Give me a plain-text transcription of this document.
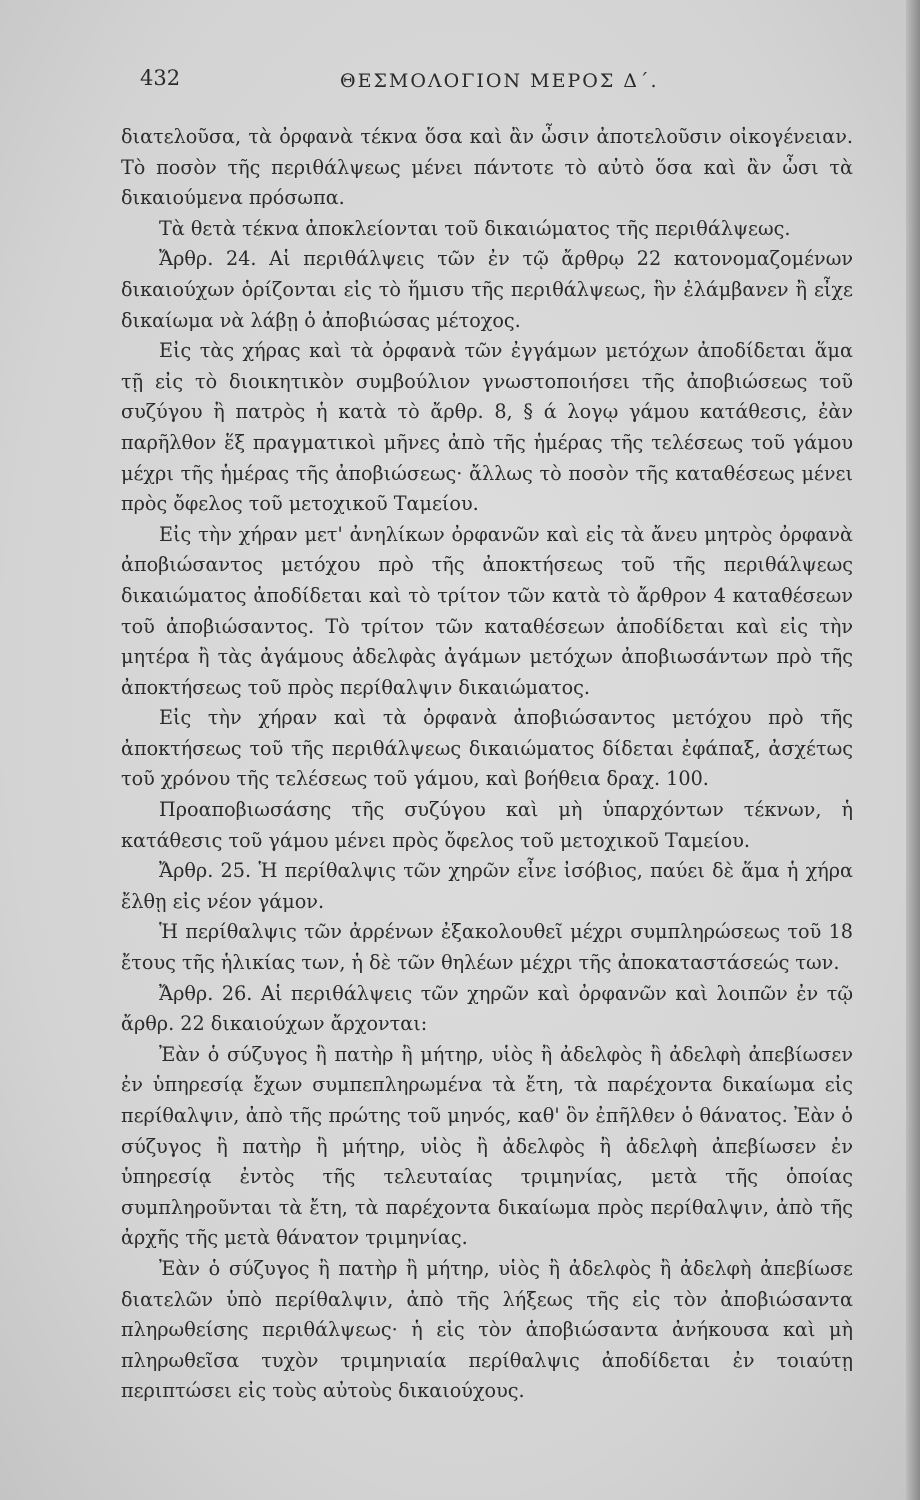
432	ΘΕΣΜΟΛΟΓΙΟΝ ΜΕΡΟΣ Δ΄.

διατελοῦσα, τὰ ὀρφανὰ τέκνα ὅσα καὶ ἂν ὦσιν ἀποτελοῦσιν οἰκογένειαν. Τὸ ποσὸν τῆς περιθάλψεως μένει πάντοτε τὸ αὐτὸ ὅσα καὶ ἂν ὦσι τὰ δικαιούμενα πρόσωπα.

Τὰ θετὰ τέκνα ἀποκλείονται τοῦ δικαιώματος τῆς περιθάλψεως.

Ἄρθρ. 24. Αἱ περιθάλψεις τῶν ἐν τῷ ἄρθρῳ 22 κατονομαζομένων δικαιούχων ὁρίζονται εἰς τὸ ἥμισυ τῆς περιθάλψεως, ἣν ἐλάμβανεν ἢ εἶχε δικαίωμα νὰ λάβῃ ὁ ἀποβιώσας μέτοχος.

Εἰς τὰς χήρας καὶ τὰ ὀρφανὰ τῶν ἐγγάμων μετόχων ἀποδίδεται ἅμα τῇ εἰς τὸ διοικητικὸν συμβούλιον γνωστοποιήσει τῆς ἀποβιώσεως τοῦ συζύγου ἢ πατρὸς ἡ κατὰ τὸ ἄρθρ. 8, § ά λογῳ γάμου κατάθεσις, ἐὰν παρῆλθον ἕξ πραγματικοὶ μῆνες ἀπὸ τῆς ἡμέρας τῆς τελέσεως τοῦ γάμου μέχρι τῆς ἡμέρας τῆς ἀποβιώσεως· ἄλλως τὸ ποσὸν τῆς καταθέσεως μένει πρὸς ὄφελος τοῦ μετοχικοῦ Ταμείου.

Εἰς τὴν χήραν μετ' ἀνηλίκων ὀρφανῶν καὶ εἰς τὰ ἄνευ μητρὸς ὀρφανὰ ἀποβιώσαντος μετόχου πρὸ τῆς ἀποκτήσεως τοῦ τῆς περιθάλψεως δικαιώματος ἀποδίδεται καὶ τὸ τρίτον τῶν κατὰ τὸ ἄρθρον 4 καταθέσεων τοῦ ἀποβιώσαντος. Τὸ τρίτον τῶν καταθέσεων ἀποδίδεται καὶ εἰς τὴν μητέρα ἢ τὰς ἀγάμους ἀδελφὰς ἀγάμων μετόχων ἀποβιωσάντων πρὸ τῆς ἀποκτήσεως τοῦ πρὸς περίθαλψιν δικαιώματος.

Εἰς τὴν χήραν καὶ τὰ ὀρφανὰ ἀποβιώσαντος μετόχου πρὸ τῆς ἀποκτήσεως τοῦ τῆς περιθάλψεως δικαιώματος δίδεται ἐφάπαξ, ἀσχέτως τοῦ χρόνου τῆς τελέσεως τοῦ γάμου, καὶ βοήθεια δραχ. 100.

Προαποβιωσάσης τῆς συζύγου καὶ μὴ ὑπαρχόντων τέκνων, ἡ κατάθεσις τοῦ γάμου μένει πρὸς ὄφελος τοῦ μετοχικοῦ Ταμείου.

Ἄρθρ. 25. Ἡ περίθαλψις τῶν χηρῶν εἶνε ἰσόβιος, παύει δὲ ἅμα ἡ χήρα ἔλθῃ εἰς νέον γάμον.

Ἡ περίθαλψις τῶν ἀρρένων ἐξακολουθεῖ μέχρι συμπληρώσεως τοῦ 18 ἔτους τῆς ἡλικίας των, ἡ δὲ τῶν θηλέων μέχρι τῆς ἀποκαταστάσεώς των.

Ἄρθρ. 26. Αἱ περιθάλψεις τῶν χηρῶν καὶ ὀρφανῶν καὶ λοιπῶν ἐν τῷ ἄρθρ. 22 δικαιούχων ἄρχονται:

Ἐὰν ὁ σύζυγος ἢ πατὴρ ἢ μήτηρ, υἱὸς ἢ ἀδελφὸς ἢ ἀδελφὴ ἀπεβίωσεν ἐν ὑπηρεσίᾳ ἔχων συμπεπληρωμένα τὰ ἔτη, τὰ παρέχοντα δικαίωμα εἰς περίθαλψιν, ἀπὸ τῆς πρώτης τοῦ μηνός, καθ' ὃν ἐπῆλθεν ὁ θάνατος. Ἐὰν ὁ σύζυγος ἢ πατὴρ ἢ μήτηρ, υἱὸς ἢ ἀδελφὸς ἢ ἀδελφὴ ἀπεβίωσεν ἐν ὑπηρεσίᾳ ἐντὸς τῆς τελευταίας τριμηνίας, μετὰ τῆς ὁποίας συμπληροῦνται τὰ ἔτη, τὰ παρέχοντα δικαίωμα πρὸς περίθαλψιν, ἀπὸ τῆς ἀρχῆς τῆς μετὰ θάνατον τριμηνίας.

Ἐὰν ὁ σύζυγος ἢ πατὴρ ἢ μήτηρ, υἱὸς ἢ ἀδελφὸς ἢ ἀδελφὴ ἀπεβίωσε διατελῶν ὑπὸ περίθαλψιν, ἀπὸ τῆς λήξεως τῆς εἰς τὸν ἀποβιώσαντα πληρωθείσης περιθάλψεως· ἡ εἰς τὸν ἀποβιώσαντα ἀνήκουσα καὶ μὴ πληρωθεῖσα τυχὸν τριμηνιαία περίθαλψις ἀποδίδεται ἐν τοιαύτῃ περιπτώσει εἰς τοὺς αὐτοὺς δικαιούχους.
